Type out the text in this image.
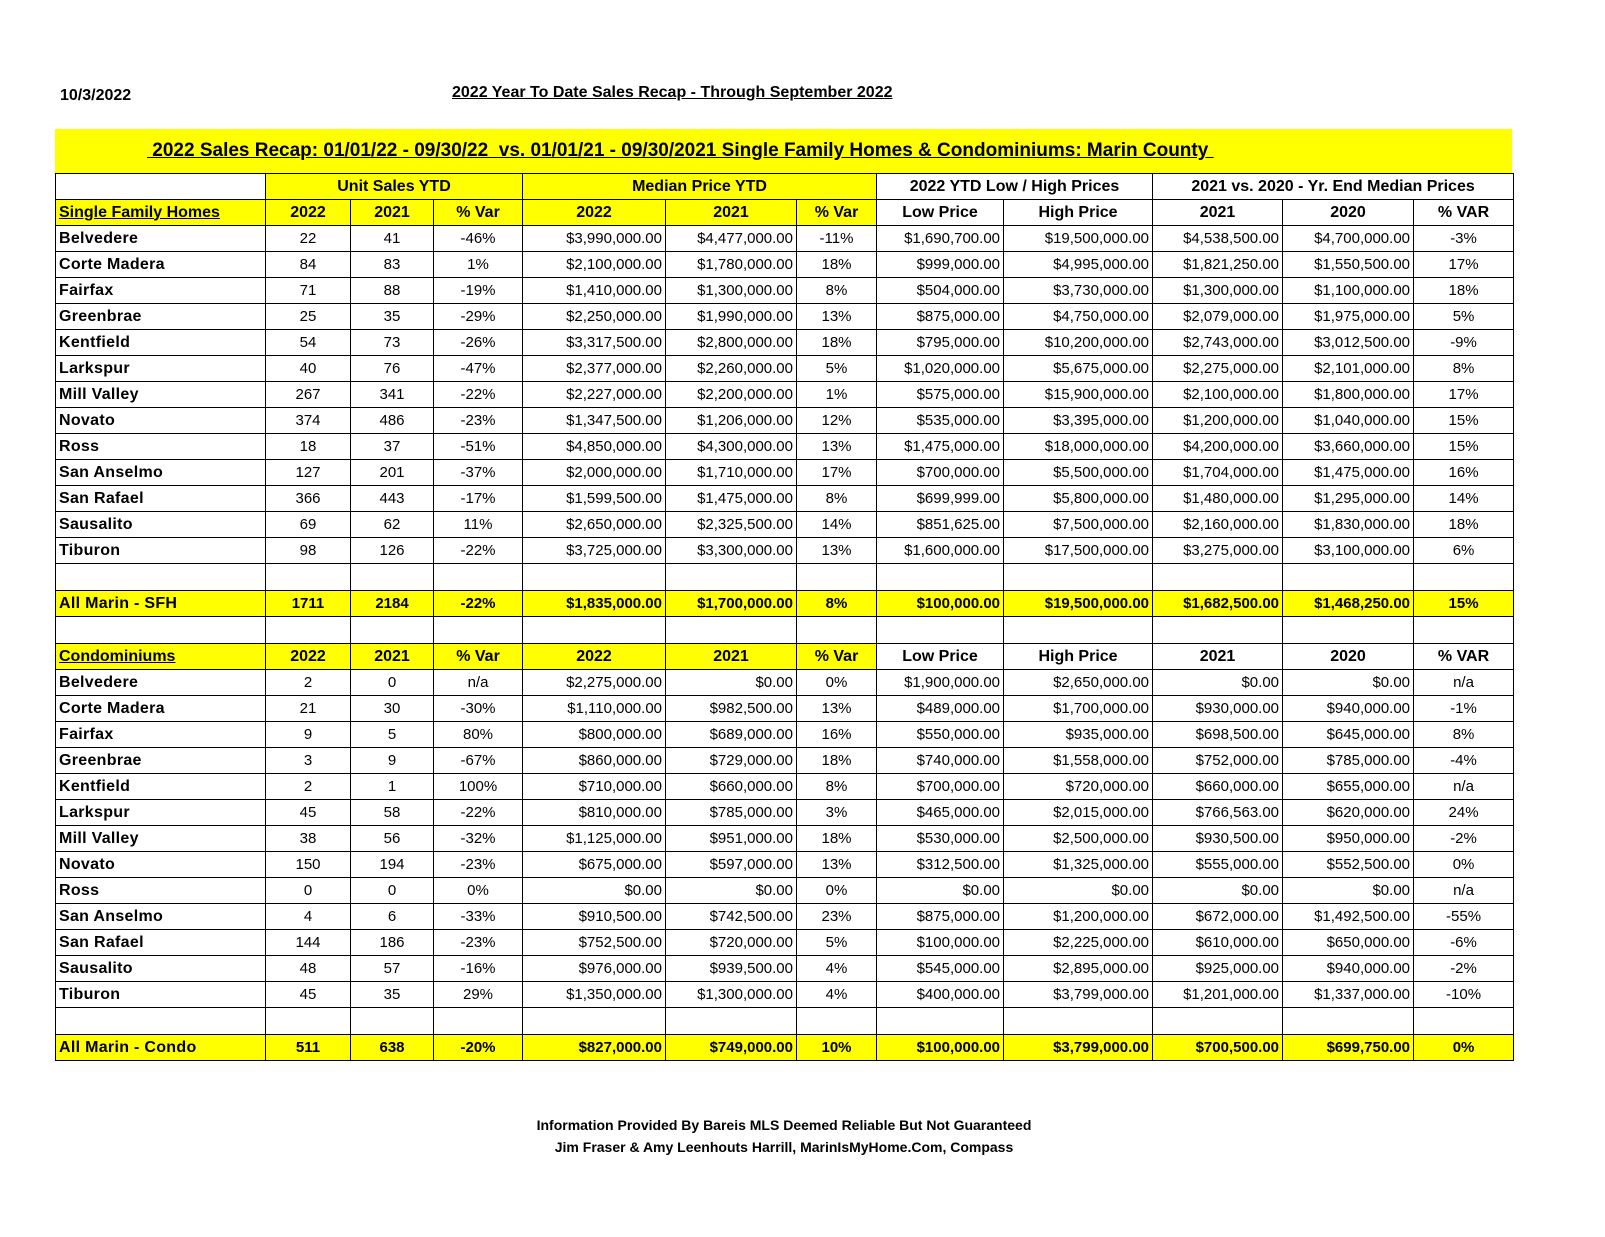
10/3/2022	2022 Year To Date Sales Recap - Through September 2022
2022 Sales Recap: 01/01/22 - 09/30/22  vs. 01/01/21 - 09/30/2021 Single Family Homes & Condominiums: Marin County
	Unit Sales YTD			Median Price YTD			2022 YTD Low / High Prices		2021 vs. 2020 - Yr. End Median Prices		
Single Family Homes	2022	2021	% Var	2022	2021	% Var	Low Price	High Price	2021	2020	% VAR
Belvedere	22	41	-46%	$3,990,000.00	$4,477,000.00	-11%	$1,690,700.00	$19,500,000.00	$4,538,500.00	$4,700,000.00	-3%
Corte Madera	84	83	1%	$2,100,000.00	$1,780,000.00	18%	$999,000.00	$4,995,000.00	$1,821,250.00	$1,550,500.00	17%
Fairfax	71	88	-19%	$1,410,000.00	$1,300,000.00	8%	$504,000.00	$3,730,000.00	$1,300,000.00	$1,100,000.00	18%
Greenbrae	25	35	-29%	$2,250,000.00	$1,990,000.00	13%	$875,000.00	$4,750,000.00	$2,079,000.00	$1,975,000.00	5%
Kentfield	54	73	-26%	$3,317,500.00	$2,800,000.00	18%	$795,000.00	$10,200,000.00	$2,743,000.00	$3,012,500.00	-9%
Larkspur	40	76	-47%	$2,377,000.00	$2,260,000.00	5%	$1,020,000.00	$5,675,000.00	$2,275,000.00	$2,101,000.00	8%
Mill Valley	267	341	-22%	$2,227,000.00	$2,200,000.00	1%	$575,000.00	$15,900,000.00	$2,100,000.00	$1,800,000.00	17%
Novato	374	486	-23%	$1,347,500.00	$1,206,000.00	12%	$535,000.00	$3,395,000.00	$1,200,000.00	$1,040,000.00	15%
Ross	18	37	-51%	$4,850,000.00	$4,300,000.00	13%	$1,475,000.00	$18,000,000.00	$4,200,000.00	$3,660,000.00	15%
San Anselmo	127	201	-37%	$2,000,000.00	$1,710,000.00	17%	$700,000.00	$5,500,000.00	$1,704,000.00	$1,475,000.00	16%
San Rafael	366	443	-17%	$1,599,500.00	$1,475,000.00	8%	$699,999.00	$5,800,000.00	$1,480,000.00	$1,295,000.00	14%
Sausalito	69	62	11%	$2,650,000.00	$2,325,500.00	14%	$851,625.00	$7,500,000.00	$2,160,000.00	$1,830,000.00	18%
Tiburon	98	126	-22%	$3,725,000.00	$3,300,000.00	13%	$1,600,000.00	$17,500,000.00	$3,275,000.00	$3,100,000.00	6%

All Marin - SFH	1711	2184	-22%	$1,835,000.00	$1,700,000.00	8%	$100,000.00	$19,500,000.00	$1,682,500.00	$1,468,250.00	15%

Condominiums	2022	2021	% Var	2022	2021	% Var	Low Price	High Price	2021	2020	% VAR
Belvedere	2	0	n/a	$2,275,000.00	$0.00	0%	$1,900,000.00	$2,650,000.00	$0.00	$0.00	n/a
Corte Madera	21	30	-30%	$1,110,000.00	$982,500.00	13%	$489,000.00	$1,700,000.00	$930,000.00	$940,000.00	-1%
Fairfax	9	5	80%	$800,000.00	$689,000.00	16%	$550,000.00	$935,000.00	$698,500.00	$645,000.00	8%
Greenbrae	3	9	-67%	$860,000.00	$729,000.00	18%	$740,000.00	$1,558,000.00	$752,000.00	$785,000.00	-4%
Kentfield	2	1	100%	$710,000.00	$660,000.00	8%	$700,000.00	$720,000.00	$660,000.00	$655,000.00	n/a
Larkspur	45	58	-22%	$810,000.00	$785,000.00	3%	$465,000.00	$2,015,000.00	$766,563.00	$620,000.00	24%
Mill Valley	38	56	-32%	$1,125,000.00	$951,000.00	18%	$530,000.00	$2,500,000.00	$930,500.00	$950,000.00	-2%
Novato	150	194	-23%	$675,000.00	$597,000.00	13%	$312,500.00	$1,325,000.00	$555,000.00	$552,500.00	0%
Ross	0	0	0%	$0.00	$0.00	0%	$0.00	$0.00	$0.00	$0.00	n/a
San Anselmo	4	6	-33%	$910,500.00	$742,500.00	23%	$875,000.00	$1,200,000.00	$672,000.00	$1,492,500.00	-55%
San Rafael	144	186	-23%	$752,500.00	$720,000.00	5%	$100,000.00	$2,225,000.00	$610,000.00	$650,000.00	-6%
Sausalito	48	57	-16%	$976,000.00	$939,500.00	4%	$545,000.00	$2,895,000.00	$925,000.00	$940,000.00	-2%
Tiburon	45	35	29%	$1,350,000.00	$1,300,000.00	4%	$400,000.00	$3,799,000.00	$1,201,000.00	$1,337,000.00	-10%

All Marin - Condo	511	638	-20%	$827,000.00	$749,000.00	10%	$100,000.00	$3,799,000.00	$700,500.00	$699,750.00	0%
Information Provided By Bareis MLS Deemed Reliable But Not Guaranteed
Jim Fraser & Amy Leenhouts Harrill, MarinIsMyHome.Com, Compass
